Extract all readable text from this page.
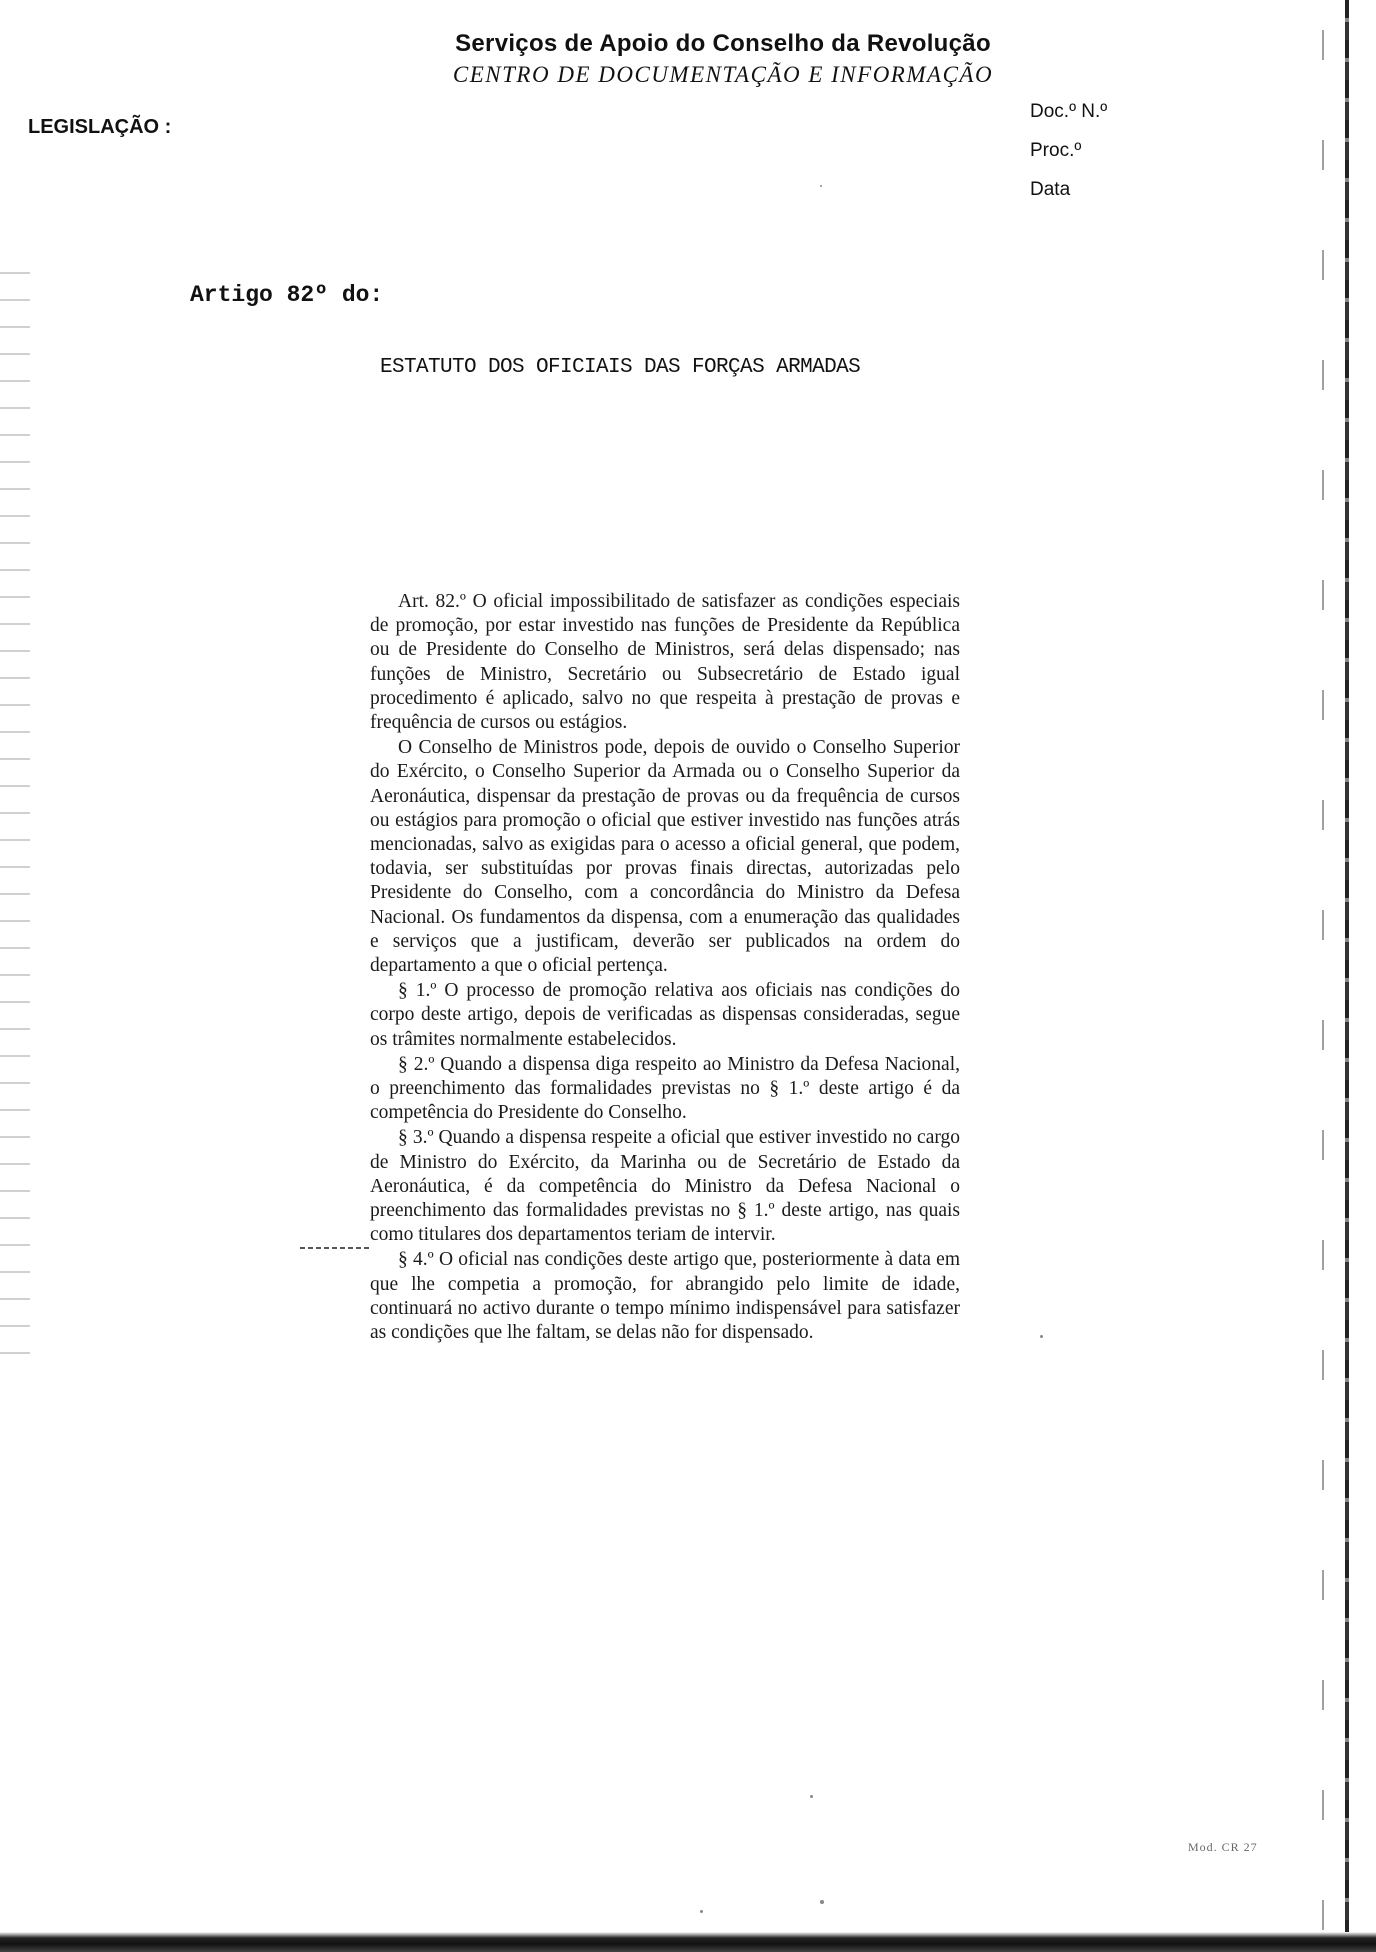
Serviços de Apoio do Conselho da Revolução
CENTRO DE DOCUMENTAÇÃO E INFORMAÇÃO
LEGISLAÇÃO :
Doc.º N.º
Proc.º
Data
Artigo 82º do:
ESTATUTO DOS OFICIAIS DAS FORÇAS ARMADAS

Art. 82.º O oficial impossibilitado de satisfazer as condições especiais de promoção, por estar investido nas funções de Presidente da República ou de Presidente do Conselho de Ministros, será delas dispensado; nas funções de Ministro, Secretário ou Subsecretário de Estado igual procedimento é aplicado, salvo no que respeita à prestação de provas e frequência de cursos ou estágios.

O Conselho de Ministros pode, depois de ouvido o Conselho Superior do Exército, o Conselho Superior da Armada ou o Conselho Superior da Aeronáutica, dispensar da prestação de provas ou da frequência de cursos ou estágios para promoção o oficial que estiver investido nas funções atrás mencionadas, salvo as exigidas para o acesso a oficial general, que podem, todavia, ser substituídas por provas finais directas, autorizadas pelo Presidente do Conselho, com a concordância do Ministro da Defesa Nacional. Os fundamentos da dispensa, com a enumeração das qualidades e serviços que a justificam, deverão ser publicados na ordem do departamento a que o oficial pertença.

§ 1.º O processo de promoção relativa aos oficiais nas condições do corpo deste artigo, depois de verificadas as dispensas consideradas, segue os trâmites normalmente estabelecidos.

§ 2.º Quando a dispensa diga respeito ao Ministro da Defesa Nacional, o preenchimento das formalidades previstas no § 1.º deste artigo é da competência do Presidente do Conselho.

§ 3.º Quando a dispensa respeite a oficial que estiver investido no cargo de Ministro do Exército, da Marinha ou de Secretário de Estado da Aeronáutica, é da competência do Ministro da Defesa Nacional o preenchimento das formalidades previstas no § 1.º deste artigo, nas quais como titulares dos departamentos teriam de intervir.

§ 4.º O oficial nas condições deste artigo que, posteriormente à data em que lhe competia a promoção, for abrangido pelo limite de idade, continuará no activo durante o tempo mínimo indispensável para satisfazer as condições que lhe faltam, se delas não for dispensado.

Mod. CR 27
